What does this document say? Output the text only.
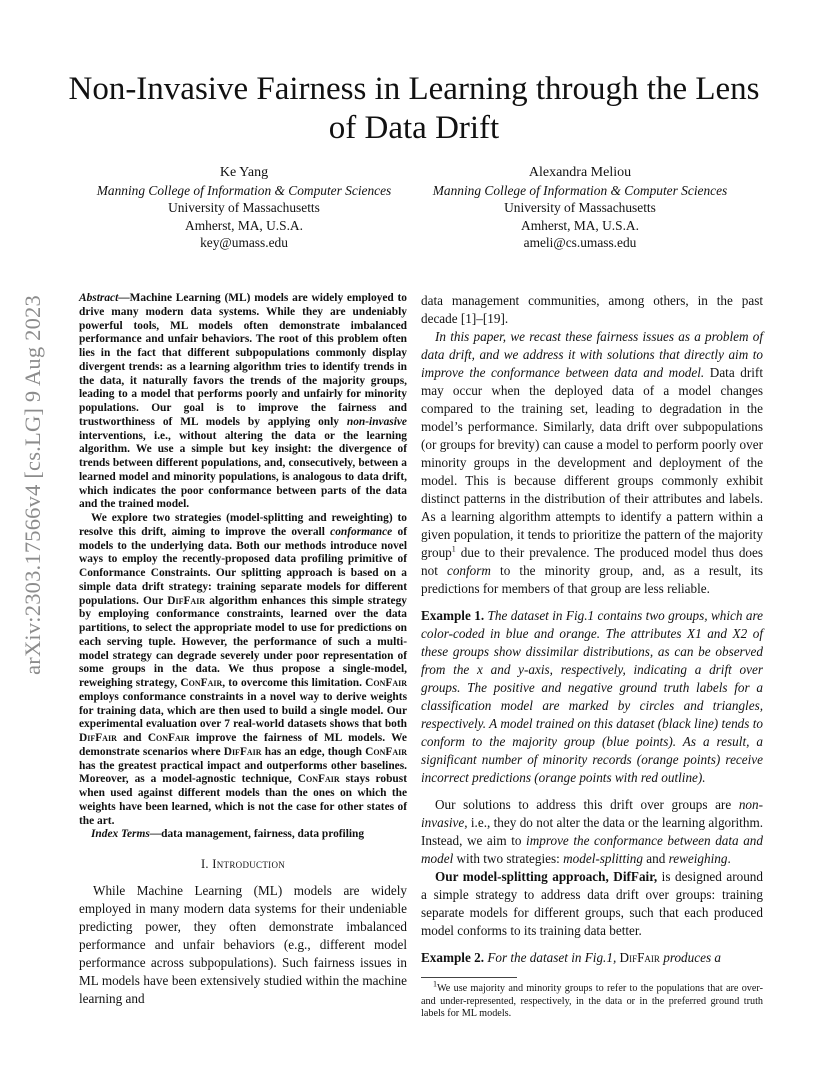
arXiv:2303.17566v4 [cs.LG] 9 Aug 2023
Non-Invasive Fairness in Learning through the Lens of Data Drift
Ke Yang
Manning College of Information & Computer Sciences
University of Massachusetts
Amherst, MA, U.S.A.
key@umass.edu
Alexandra Meliou
Manning College of Information & Computer Sciences
University of Massachusetts
Amherst, MA, U.S.A.
ameli@cs.umass.edu

Abstract—Machine Learning (ML) models are widely employed to drive many modern data systems. While they are undeniably powerful tools, ML models often demonstrate imbalanced performance and unfair behaviors. The root of this problem often lies in the fact that different subpopulations commonly display divergent trends: as a learning algorithm tries to identify trends in the data, it naturally favors the trends of the majority groups, leading to a model that performs poorly and unfairly for minority populations. Our goal is to improve the fairness and trustworthiness of ML models by applying only non-invasive interventions, i.e., without altering the data or the learning algorithm. We use a simple but key insight: the divergence of trends between different populations, and, consecutively, between a learned model and minority populations, is analogous to data drift, which indicates the poor conformance between parts of the data and the trained model.

We explore two strategies (model-splitting and reweighting) to resolve this drift, aiming to improve the overall conformance of models to the underlying data. Both our methods introduce novel ways to employ the recently-proposed data profiling primitive of Conformance Constraints. Our splitting approach is based on a simple data drift strategy: training separate models for different populations. Our DifFair algorithm enhances this simple strategy by employing conformance constraints, learned over the data partitions, to select the appropriate model to use for predictions on each serving tuple. However, the performance of such a multi-model strategy can degrade severely under poor representation of some groups in the data. We thus propose a single-model, reweighing strategy, ConFair, to overcome this limitation. ConFair employs conformance constraints in a novel way to derive weights for training data, which are then used to build a single model. Our experimental evaluation over 7 real-world datasets shows that both DifFair and ConFair improve the fairness of ML models. We demonstrate scenarios where DifFair has an edge, though ConFair has the greatest practical impact and outperforms other baselines. Moreover, as a model-agnostic technique, ConFair stays robust when used against different models than the ones on which the weights have been learned, which is not the case for other states of the art.

Index Terms—data management, fairness, data profiling

I. Introduction

While Machine Learning (ML) models are widely employed in many modern data systems for their undeniable predicting power, they often demonstrate imbalanced performance and unfair behaviors (e.g., different model performance across subpopulations). Such fairness issues in ML models have been extensively studied within the machine learning and

data management communities, among others, in the past decade [1]–[19].

In this paper, we recast these fairness issues as a problem of data drift, and we address it with solutions that directly aim to improve the conformance between data and model. Data drift may occur when the deployed data of a model changes compared to the training set, leading to degradation in the model’s performance. Similarly, data drift over subpopulations (or groups for brevity) can cause a model to perform poorly over minority groups in the development and deployment of the model. This is because different groups commonly exhibit distinct patterns in the distribution of their attributes and labels. As a learning algorithm attempts to identify a pattern within a given population, it tends to prioritize the pattern of the majority group$^1$ due to their prevalence. The produced model thus does not conform to the minority group, and, as a result, its predictions for members of that group are less reliable.

Example 1. The dataset in Fig.1 contains two groups, which are color-coded in blue and orange. The attributes X1 and X2 of these groups show dissimilar distributions, as can be observed from the x and y-axis, respectively, indicating a drift over groups. The positive and negative ground truth labels for a classification model are marked by circles and triangles, respectively. A model trained on this dataset (black line) tends to conform to the majority group (blue points). As a result, a significant number of minority records (orange points) receive incorrect predictions (orange points with red outline).

Our solutions to address this drift over groups are non-invasive, i.e., they do not alter the data or the learning algorithm. Instead, we aim to improve the conformance between data and model with two strategies: model-splitting and reweighing.

Our model-splitting approach, DifFair, is designed around a simple strategy to address data drift over groups: training separate models for different groups, such that each produced model conforms to its training data better.

Example 2. For the dataset in Fig.1, DifFair produces a

$^1$We use majority and minority groups to refer to the populations that are over- and under-represented, respectively, in the data or in the preferred ground truth labels for ML models.
